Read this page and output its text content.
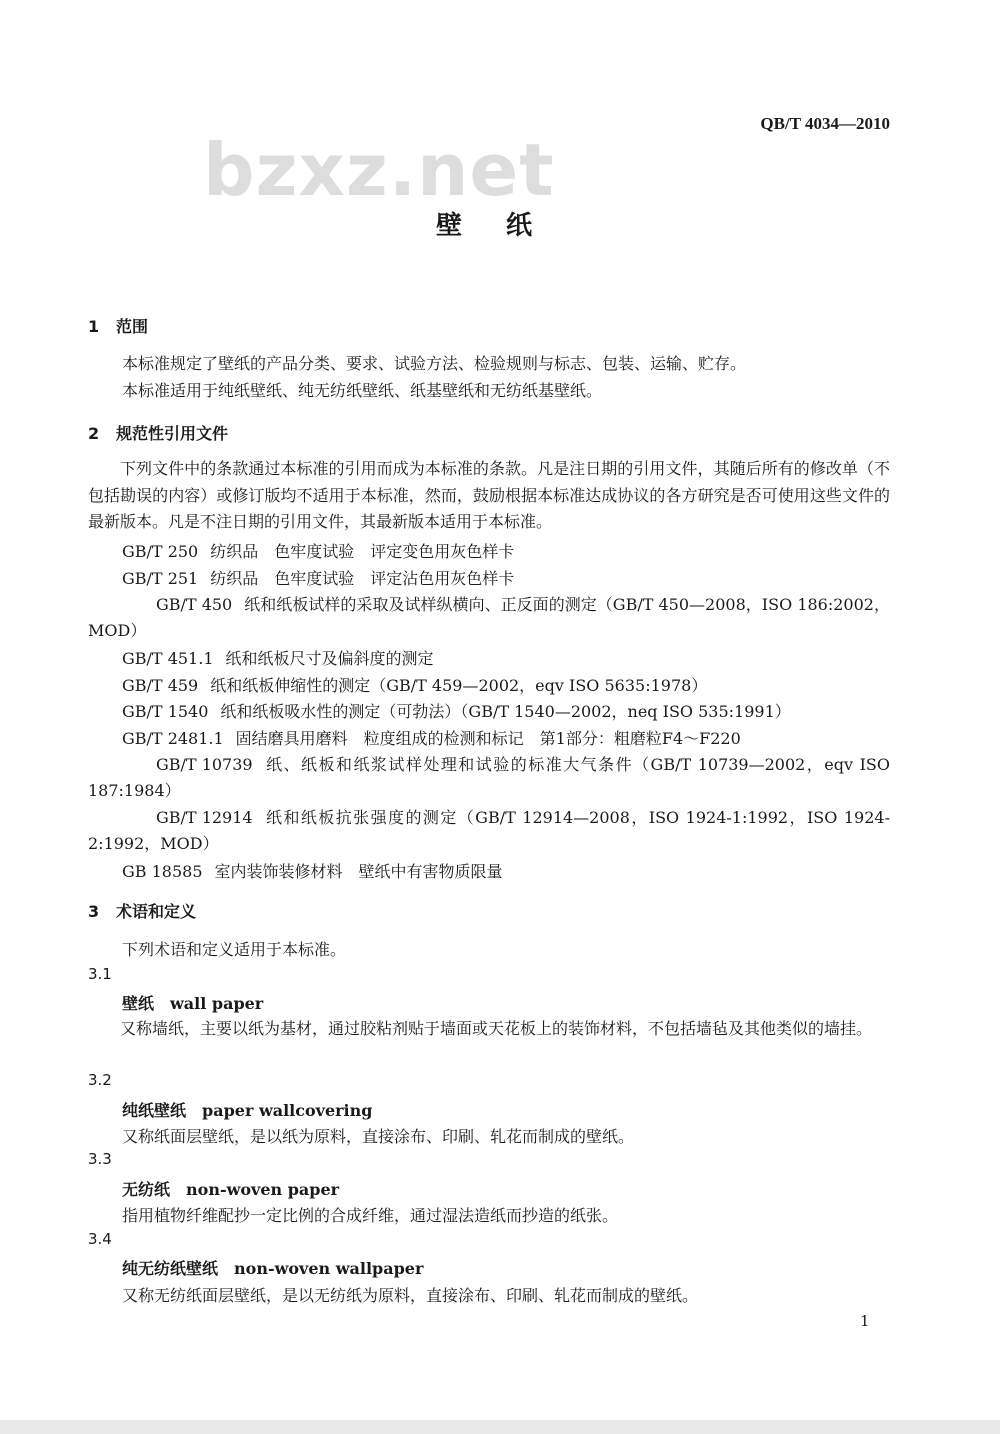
QB/T 4034—2010
bzxz.net
壁纸
1 范围
本标准规定了壁纸的产品分类、要求、试验方法、检验规则与标志、包装、运输、贮存。
本标准适用于纯纸壁纸、纯无纺纸壁纸、纸基壁纸和无纺纸基壁纸。
2 规范性引用文件
下列文件中的条款通过本标准的引用而成为本标准的条款。凡是注日期的引用文件，其随后所有的修改单（不包括勘误的内容）或修订版均不适用于本标准，然而，鼓励根据本标准达成协议的各方研究是否可使用这些文件的最新版本。凡是不注日期的引用文件，其最新版本适用于本标准。
GB/T 250 纺织品　色牢度试验　评定变色用灰色样卡
GB/T 251 纺织品　色牢度试验　评定沾色用灰色样卡
GB/T 450 纸和纸板试样的采取及试样纵横向、正反面的测定（GB/T 450—2008，ISO 186:2002，MOD）
GB/T 451.1 纸和纸板尺寸及偏斜度的测定
GB/T 459 纸和纸板伸缩性的测定（GB/T 459—2002，eqv ISO 5635:1978）
GB/T 1540 纸和纸板吸水性的测定（可勃法）（GB/T 1540—2002，neq ISO 535:1991）
GB/T 2481.1 固结磨具用磨料　粒度组成的检测和标记　第1部分：粗磨粒F4～F220
GB/T 10739 纸、纸板和纸浆试样处理和试验的标准大气条件（GB/T 10739—2002，eqv ISO 187:1984）
GB/T 12914 纸和纸板抗张强度的测定（GB/T 12914—2008，ISO 1924-1:1992，ISO 1924-2:1992，MOD）
GB 18585 室内装饰装修材料　壁纸中有害物质限量
3 术语和定义
下列术语和定义适用于本标准。
3.1
壁纸 wall paper
又称墙纸，主要以纸为基材，通过胶粘剂贴于墙面或天花板上的装饰材料，不包括墙毡及其他类似的墙挂。
3.2
纯纸壁纸 paper wallcovering
又称纸面层壁纸，是以纸为原料，直接涂布、印刷、轧花而制成的壁纸。
3.3
无纺纸 non-woven paper
指用植物纤维配抄一定比例的合成纤维，通过湿法造纸而抄造的纸张。
3.4
纯无纺纸壁纸 non-woven wallpaper
又称无纺纸面层壁纸，是以无纺纸为原料，直接涂布、印刷、轧花而制成的壁纸。
1
